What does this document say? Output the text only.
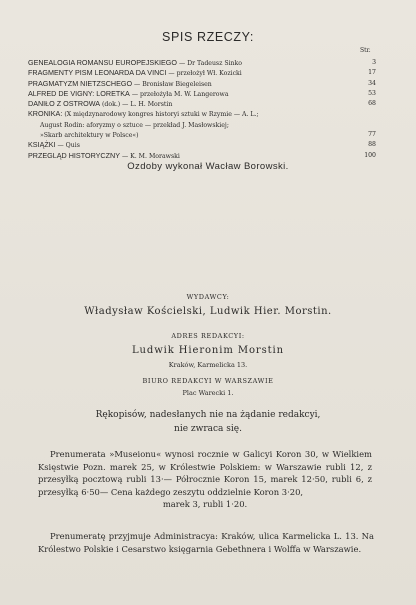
SPIS RZECZY:
Str.
GENEALOGIA ROMANSU EUROPEJSKIEGO — Dr Tadeusz Sinko	3
FRAGMENTY PISM LEONARDA DA VINCI — przełożył Wł. Kozicki	17
PRAGMATYZM NIETZSCHEGO — Bronisław Biegeleisen	34
ALFRED DE VIGNY: LORETKA — przełożyła M. W. Langerowa	53
DANIŁO Z OSTROWA (dok.) — L. H. Morstin	68
KRONIKA: (X międzynarodowy kongres historyi sztuki w Rzymie — A. L.;
August Rodin: aforyzmy o sztuce — przekład J. Masłowskiej;
»Skarb architektury w Polsce«)	77
KSIĄŻKI — Quis	88
PRZEGLĄD HISTORYCZNY — K. M. Morawski	100
Ozdoby wykonał Wacław Borowski.
WYDAWCY:
Władysław Kościelski, Ludwik Hier. Morstin.
ADRES REDAKCYI:
Ludwik Hieronim Morstin
Kraków, Karmelicka 13.
BIURO REDAKCYI W WARSZAWIE
Plac Warecki 1.
Rękopisów, nadesłanych nie na żądanie redakcyi,
nie zwraca się.
Prenumerata »Museionu« wynosi rocznie w Galicyi Koron 30, w Wielkiem Księstwie Pozn. marek 25, w Królestwie Polskiem: w Warszawie rubli 12, z przesyłką pocztową rubli 13·— Półrocznie Koron 15, marek 12·50, rubli 6, z przesyłką 6·50— Cena każdego zeszytu oddzielnie Koron 3·20,
marek 3, rubli 1·20.
Prenumeratę przyjmuje Administracya: Kraków, ulica Karmelicka L. 13. Na Królestwo Polskie i Cesarstwo księgarnia Gebethnera i Wolffa w Warszawie.
